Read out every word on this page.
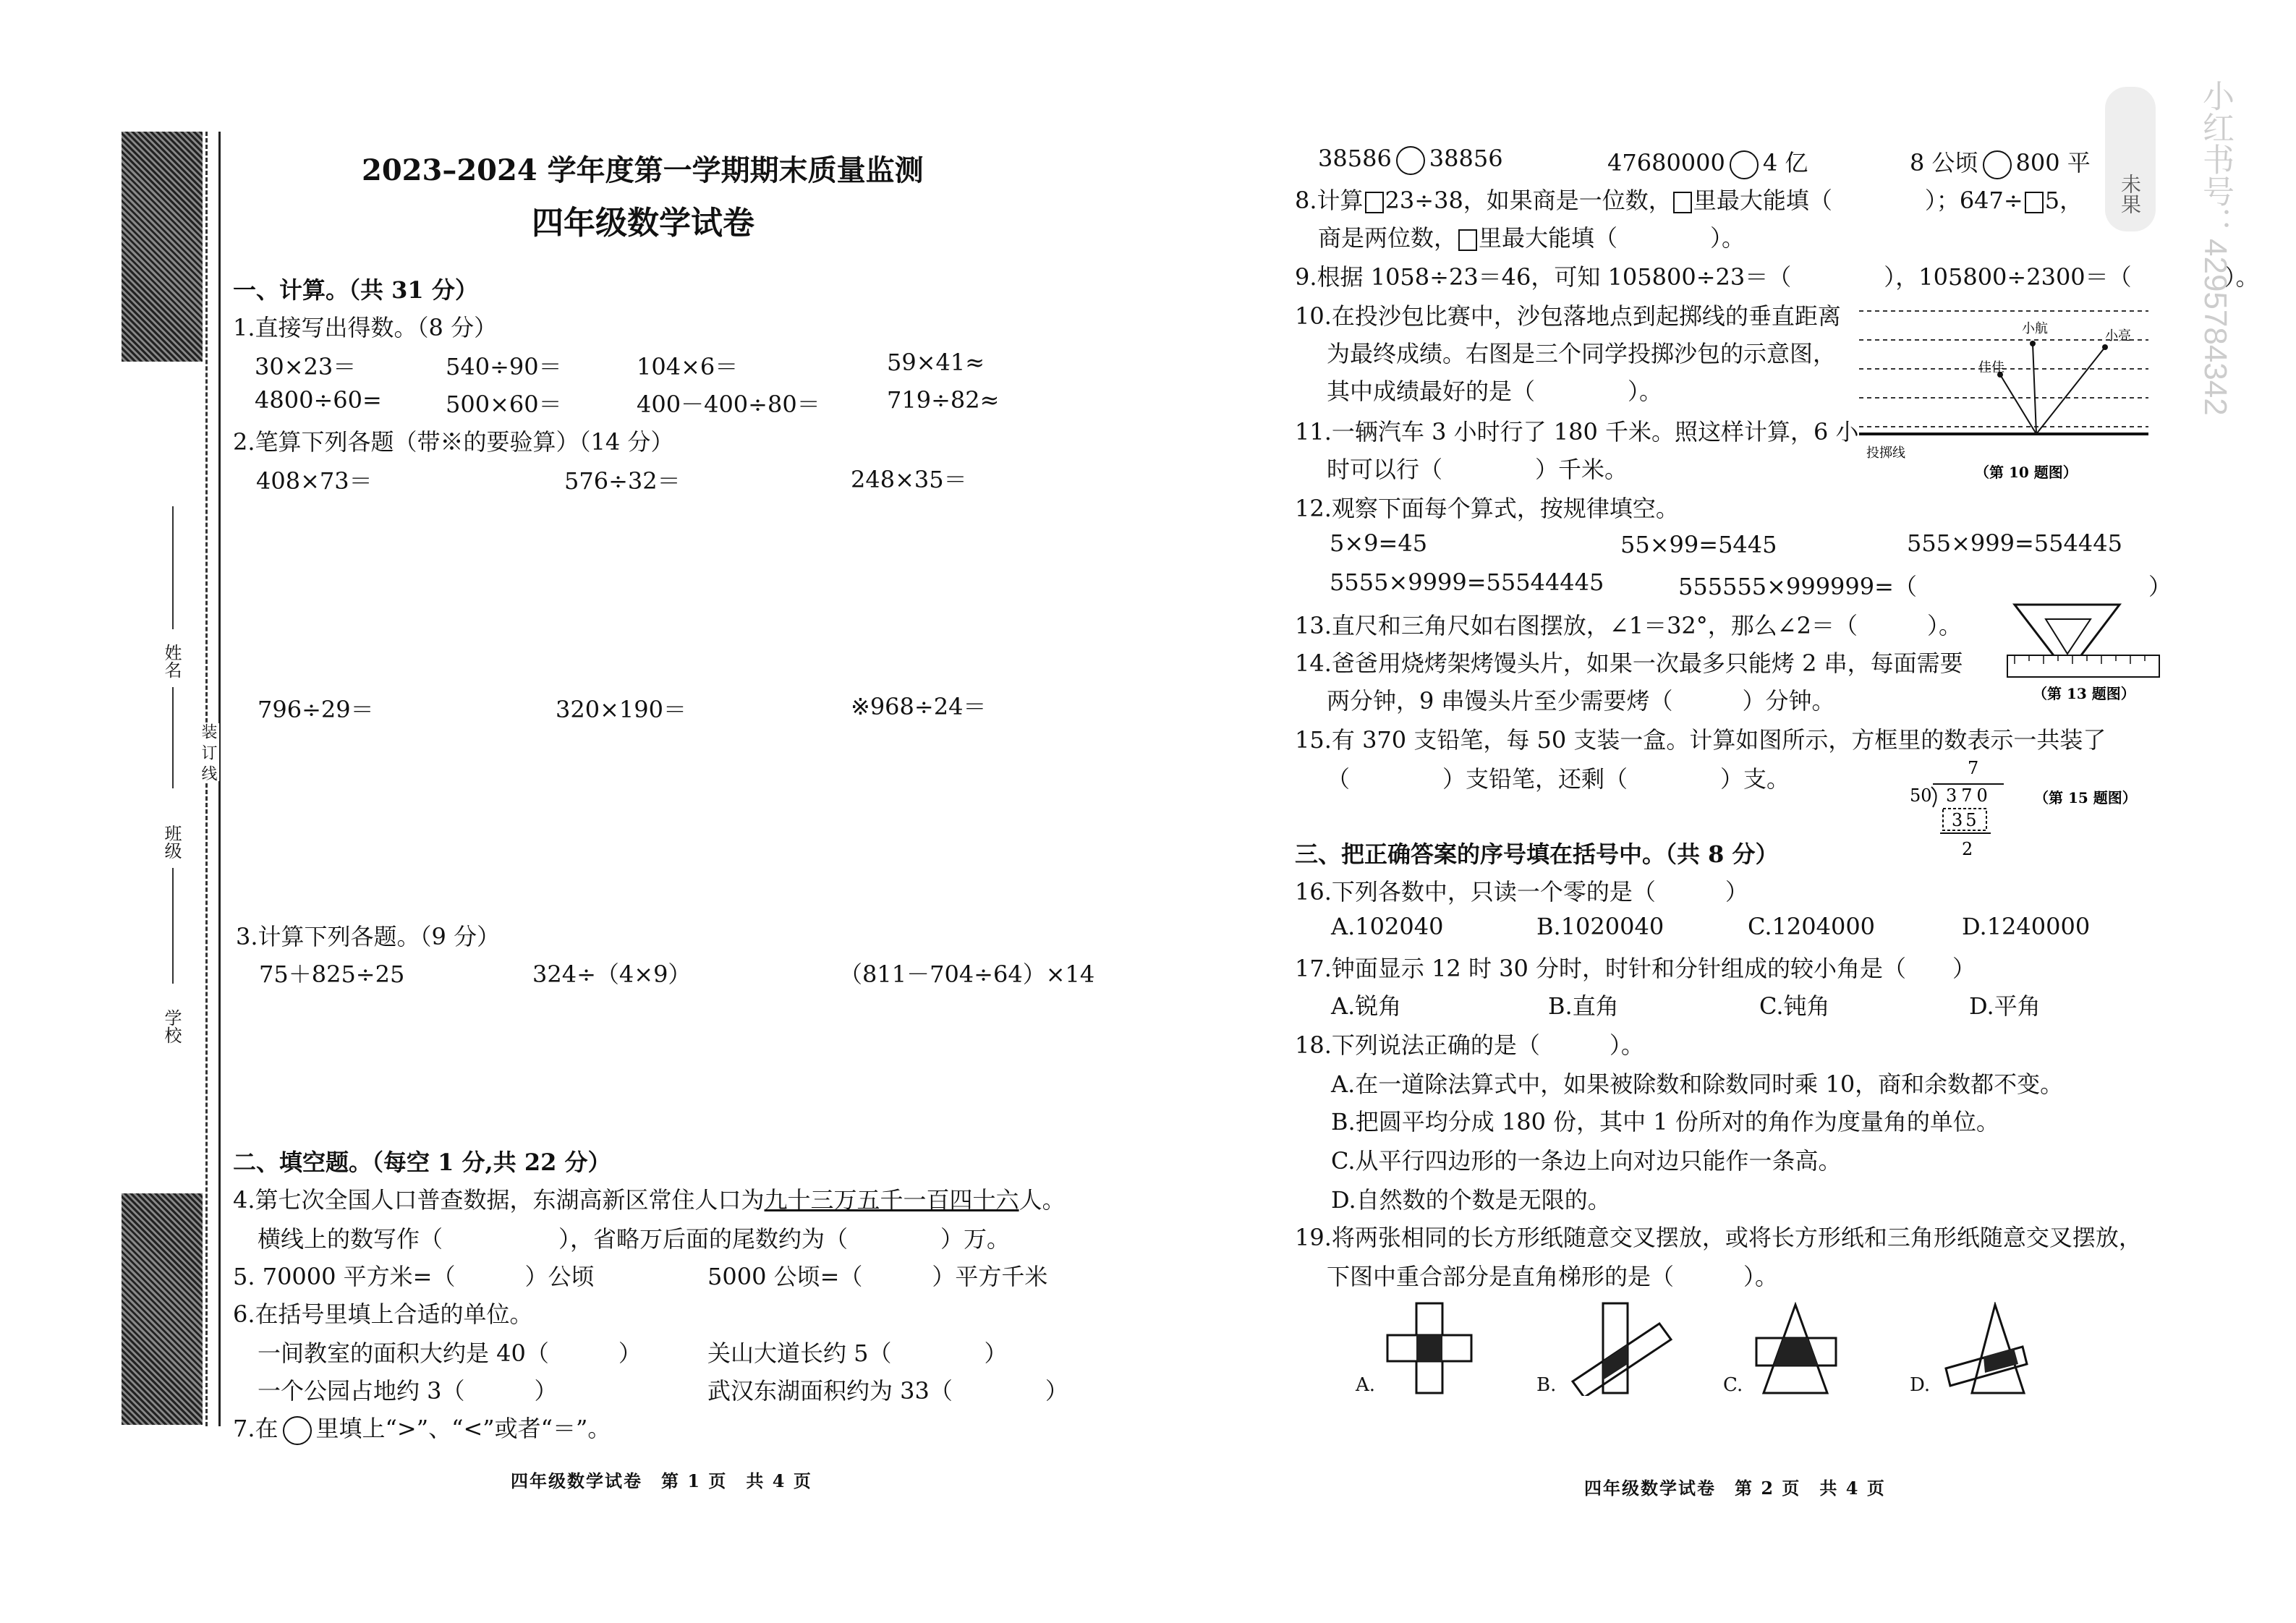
姓名
班级
学校
装 订 线
2023–2024 学年度第一学期期末质量监测
四年级数学试卷
一、计算。（共 31 分）
1.直接写出得数。（8 分）
30×23＝	540÷90＝	104×6＝	59×41≈
4800÷60=	500×60＝	400－400÷80＝	719÷82≈
2.笔算下列各题（带※的要验算）（14 分）
408×73＝	576÷32＝	248×35＝
796÷29＝	320×190＝	※968÷24＝
3.计算下列各题。（9 分）
75＋825÷25	324÷（4×9）	（811－704÷64）×14
二、填空题。（每空 1 分,共 22 分）
4.第七次全国人口普查数据，东湖高新区常住人口为九十三万五千一百四十六人。
横线上的数写作（　　　　　），省略万后面的尾数约为（　　　　）万。
5. 70000 平方米=（　　　）公顷	5000 公顷=（　　　）平方千米
6.在括号里填上合适的单位。
一间教室的面积大约是 40（　　　）	关山大道长约 5（　　　　）
一个公园占地约 3（　　　）	武汉东湖面积约为 33（　　　　）
7.在 里填上“>”、“<”或者“＝”。
四年级数学试卷　第 1 页　共 4 页
38586 38856	47680000 4 亿	8 公顷 800 平
8.计算 23÷38，如果商是一位数， 里最大能填（　　　　）；647÷ 5，
商是两位数， 里最大能填（　　　　）。
9.根据 1058÷23＝46，可知 105800÷23＝（　　　　），105800÷2300＝（　　　　）。
10.在投沙包比赛中，沙包落地点到起掷线的垂直距离
为最终成绩。右图是三个同学投掷沙包的示意图，
其中成绩最好的是（　　　　）。
小航	小亮
佳佳
投掷线
（第 10 题图）
11.一辆汽车 3 小时行了 180 千米。照这样计算，6 小
时可以行（　　　　）千米。
12.观察下面每个算式，按规律填空。
5×9=45	55×99=5445	555×999=554445
5555×9999=55544445	555555×999999=（　　　　　　　　　　）
13.直尺和三角尺如右图摆放，∠1＝32°，那么∠2＝（　　　）。
（第 13 题图）
14.爸爸用烧烤架烤馒头片，如果一次最多只能烤 2 串，每面需要
两分钟，9 串馒头片至少需要烤（　　　）分钟。
15.有 370 支铅笔，每 50 支装一盒。计算如图所示，方框里的数表示一共装了
（　　　　）支铅笔，还剩（　　　　）支。	7
50 370
35
2
（第 15 题图）
三、把正确答案的序号填在括号中。（共 8 分）
16.下列各数中，只读一个零的是（　　　）
A.102040	B.1020040	C.1204000	D.1240000
17.钟面显示 12 时 30 分时，时针和分针组成的较小角是（　　）
A.锐角	B.直角	C.钝角	D.平角
18.下列说法正确的是（　　　）。
A.在一道除法算式中，如果被除数和除数同时乘 10，商和余数都不变。
B.把圆平均分成 180 份，其中 1 份所对的角作为度量角的单位。
C.从平行四边形的一条边上向对边只能作一条高。
D.自然数的个数是无限的。
19.将两张相同的长方形纸随意交叉摆放，或将长方形纸和三角形纸随意交叉摆放，
下图中重合部分是直角梯形的是（　　　）。
A.	B.	C.	D.
四年级数学试卷　第 2 页　共 4 页
小红书号：4295784342
未果
